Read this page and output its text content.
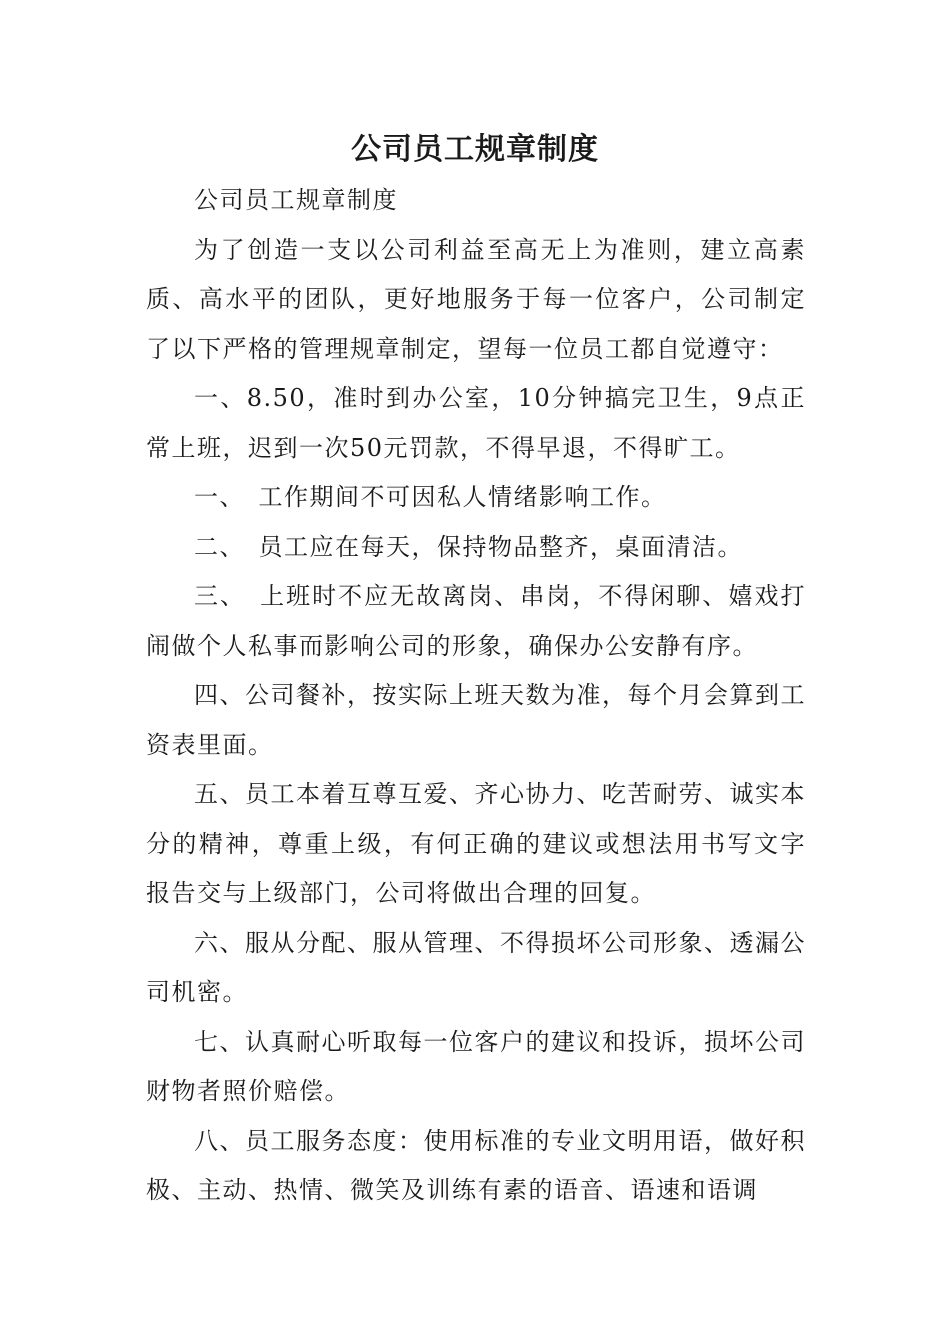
公司员工规章制度

公司员工规章制度

为了创造一支以公司利益至高无上为准则，建立高素质、高水平的团队，更好地服务于每一位客户，公司制定了以下严格的管理规章制定，望每一位员工都自觉遵守：

一、8.50，准时到办公室，10分钟搞完卫生，9点正常上班，迟到一次50元罚款，不得早退，不得旷工。

一、　工作期间不可因私人情绪影响工作。

二、　员工应在每天，保持物品整齐，桌面清洁。

三、　上班时不应无故离岗、串岗，不得闲聊、嬉戏打闹做个人私事而影响公司的形象，确保办公安静有序。

四、公司餐补，按实际上班天数为准，每个月会算到工资表里面。

五、员工本着互尊互爱、齐心协力、吃苦耐劳、诚实本分的精神，尊重上级，有何正确的建议或想法用书写文字报告交与上级部门，公司将做出合理的回复。

六、服从分配、服从管理、不得损坏公司形象、透漏公司机密。

七、认真耐心听取每一位客户的建议和投诉，损坏公司财物者照价赔偿。

八、员工服务态度：使用标准的专业文明用语，做好积极、主动、热情、微笑及训练有素的语音、语速和语调
